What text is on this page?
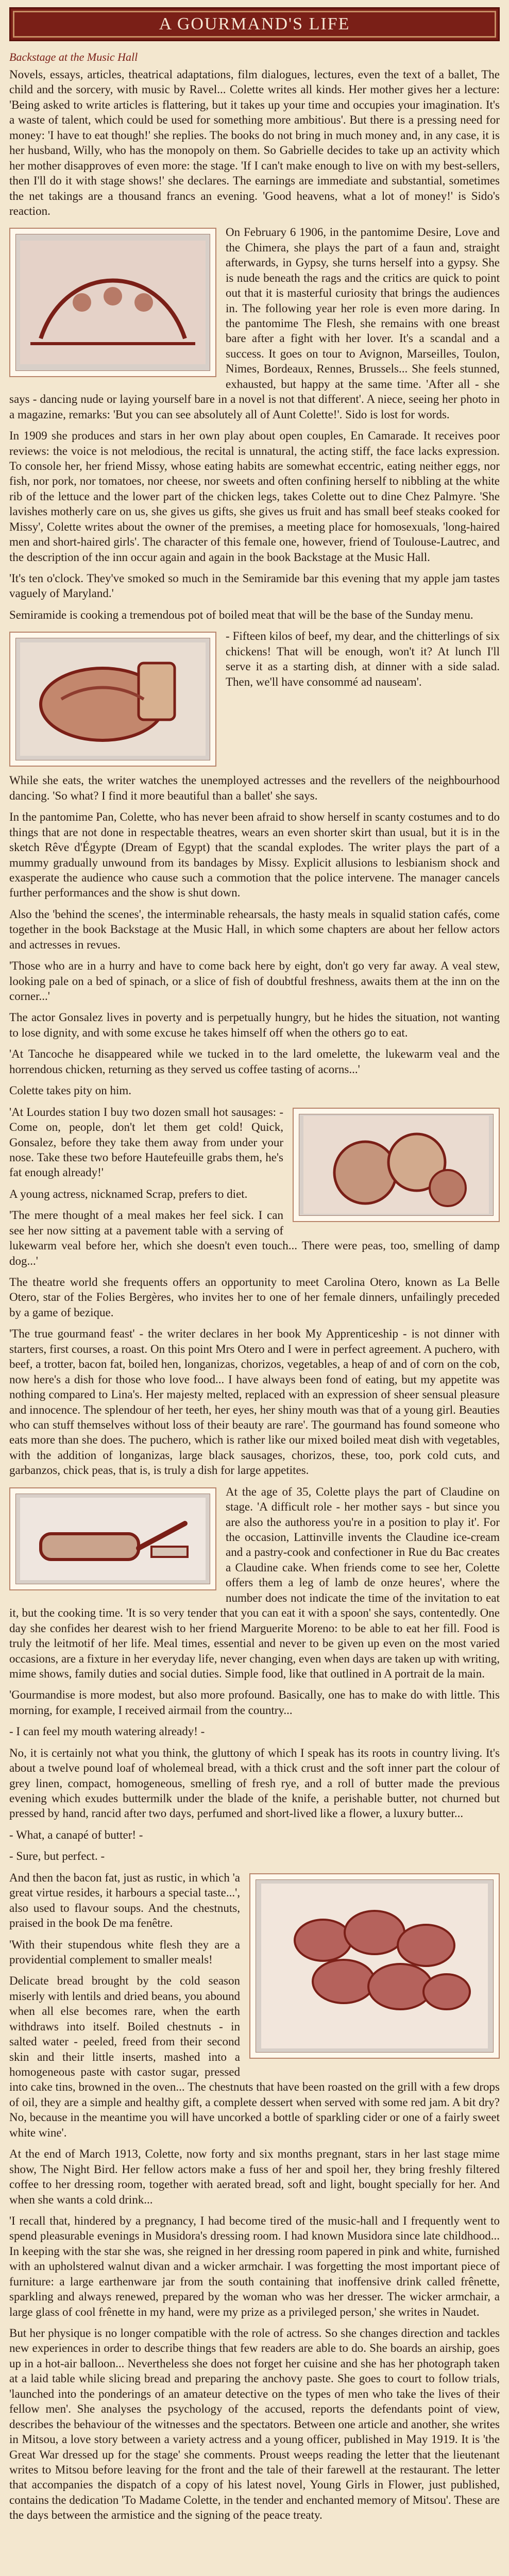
A GOURMAND'S LIFE
Backstage at the Music Hall

Novels, essays, articles, theatrical adaptations, film dialogues, lectures, even the text of a ballet, The child and the sorcery, with music by Ravel... Colette writes all kinds. Her mother gives her a lecture: 'Being asked to write articles is flattering, but it takes up your time and occupies your imagination. It's a waste of talent, which could be used for something more ambitious'. But there is a pressing need for money: 'I have to eat though!' she replies. The books do not bring in much money and, in any case, it is her husband, Willy, who has the monopoly on them. So Gabrielle decides to take up an activity which her mother disapproves of even more: the stage. 'If I can't make enough to live on with my best-sellers, then I'll do it with stage shows!' she declares. The earnings are immediate and substantial, sometimes the net takings are a thousand francs an evening. 'Good heavens, what a lot of money!' is Sido's reaction.

On February 6 1906, in the pantomime Desire, Love and the Chimera, she plays the part of a faun and, straight afterwards, in Gypsy, she turns herself into a gypsy. She is nude beneath the rags and the critics are quick to point out that it is masterful curiosity that brings the audiences in. The following year her role is even more daring. In the pantomime The Flesh, she remains with one breast bare after a fight with her lover. It's a scandal and a success. It goes on tour to Avignon, Marseilles, Toulon, Nimes, Bordeaux, Rennes, Brussels... She feels stunned, exhausted, but happy at the same time. 'After all - she says - dancing nude or laying yourself bare in a novel is not that different'. A niece, seeing her photo in a magazine, remarks: 'But you can see absolutely all of Aunt Colette!'. Sido is lost for words.

In 1909 she produces and stars in her own play about open couples, En Camarade. It receives poor reviews: the voice is not melodious, the recital is unnatural, the acting stiff, the face lacks expression. To console her, her friend Missy, whose eating habits are somewhat eccentric, eating neither eggs, nor fish, nor pork, nor tomatoes, nor cheese, nor sweets and often confining herself to nibbling at the white rib of the lettuce and the lower part of the chicken legs, takes Colette out to dine Chez Palmyre. 'She lavishes motherly care on us, she gives us gifts, she gives us fruit and has small beef steaks cooked for Missy', Colette writes about the owner of the premises, a meeting place for homosexuals, 'long-haired men and short-haired girls'. The character of this female one, however, friend of Toulouse-Lautrec, and the description of the inn occur again and again in the book Backstage at the Music Hall.

'It's ten o'clock. They've smoked so much in the Semiramide bar this evening that my apple jam tastes vaguely of Maryland.'

Semiramide is cooking a tremendous pot of boiled meat that will be the base of the Sunday menu.

- Fifteen kilos of beef, my dear, and the chitterlings of six chickens! That will be enough, won't it? At lunch I'll serve it as a starting dish, at dinner with a side salad. Then, we'll have consommé ad nauseam'.

While she eats, the writer watches the unemployed actresses and the revellers of the neighbourhood dancing. 'So what? I find it more beautiful than a ballet' she says.

In the pantomime Pan, Colette, who has never been afraid to show herself in scanty costumes and to do things that are not done in respectable theatres, wears an even shorter skirt than usual, but it is in the sketch Rêve d'Égypte (Dream of Egypt) that the scandal explodes. The writer plays the part of a mummy gradually unwound from its bandages by Missy. Explicit allusions to lesbianism shock and exasperate the audience who cause such a commotion that the police intervene. The manager cancels further performances and the show is shut down.

Also the 'behind the scenes', the interminable rehearsals, the hasty meals in squalid station cafés, come together in the book Backstage at the Music Hall, in which some chapters are about her fellow actors and actresses in revues.

'Those who are in a hurry and have to come back here by eight, don't go very far away. A veal stew, looking pale on a bed of spinach, or a slice of fish of doubtful freshness, awaits them at the inn on the corner...'

The actor Gonsalez lives in poverty and is perpetually hungry, but he hides the situation, not wanting to lose dignity, and with some excuse he takes himself off when the others go to eat.

'At Tancoche he disappeared while we tucked in to the lard omelette, the lukewarm veal and the horrendous chicken, returning as they served us coffee tasting of acorns...'

Colette takes pity on him.

'At Lourdes station I buy two dozen small hot sausages: - Come on, people, don't let them get cold! Quick, Gonsalez, before they take them away from under your nose. Take these two before Hautefeuille grabs them, he's fat enough already!'

A young actress, nicknamed Scrap, prefers to diet.

'The mere thought of a meal makes her feel sick. I can see her now sitting at a pavement table with a serving of lukewarm veal before her, which she doesn't even touch... There were peas, too, smelling of damp dog...'

The theatre world she frequents offers an opportunity to meet Carolina Otero, known as La Belle Otero, star of the Folies Bergères, who invites her to one of her female dinners, unfailingly preceded by a game of bezique.

'The true gourmand feast' - the writer declares in her book My Apprenticeship - is not dinner with starters, first courses, a roast. On this point Mrs Otero and I were in perfect agreement. A puchero, with beef, a trotter, bacon fat, boiled hen, longanizas, chorizos, vegetables, a heap of and of corn on the cob, now here's a dish for those who love food... I have always been fond of eating, but my appetite was nothing compared to Lina's. Her majesty melted, replaced with an expression of sheer sensual pleasure and innocence. The splendour of her teeth, her eyes, her shiny mouth was that of a young girl. Beauties who can stuff themselves without loss of their beauty are rare'. The gourmand has found someone who eats more than she does. The puchero, which is rather like our mixed boiled meat dish with vegetables, with the addition of longanizas, large black sausages, chorizos, these, too, pork cold cuts, and garbanzos, chick peas, that is, is truly a dish for large appetites.

At the age of 35, Colette plays the part of Claudine on stage. 'A difficult role - her mother says - but since you are also the authoress you're in a position to play it'. For the occasion, Lattinville invents the Claudine ice-cream and a pastry-cook and confectioner in Rue du Bac creates a Claudine cake. When friends come to see her, Colette offers them a leg of lamb de onze heures', where the number does not indicate the time of the invitation to eat it, but the cooking time. 'It is so very tender that you can eat it with a spoon' she says, contentedly. One day she confides her dearest wish to her friend Marguerite Moreno: to be able to eat her fill. Food is truly the leitmotif of her life. Meal times, essential and never to be given up even on the most varied occasions, are a fixture in her everyday life, never changing, even when days are taken up with writing, mime shows, family duties and social duties. Simple food, like that outlined in A portrait de la main.

'Gourmandise is more modest, but also more profound. Basically, one has to make do with little. This morning, for example, I received airmail from the country...

- I can feel my mouth watering already! -

No, it is certainly not what you think, the gluttony of which I speak has its roots in country living. It's about a twelve pound loaf of wholemeal bread, with a thick crust and the soft inner part the colour of grey linen, compact, homogeneous, smelling of fresh rye, and a roll of butter made the previous evening which exudes buttermilk under the blade of the knife, a perishable butter, not churned but pressed by hand, rancid after two days, perfumed and short-lived like a flower, a luxury butter...

- What, a canapé of butter! -

- Sure, but perfect. -

And then the bacon fat, just as rustic, in which 'a great virtue resides, it harbours a special taste...', also used to flavour soups. And the chestnuts, praised in the book De ma fenêtre.

'With their stupendous white flesh they are a providential complement to smaller meals!

Delicate bread brought by the cold season miserly with lentils and dried beans, you abound when all else becomes rare, when the earth withdraws into itself. Boiled chestnuts - in salted water - peeled, freed from their second skin and their little inserts, mashed into a homogeneous paste with castor sugar, pressed into cake tins, browned in the oven... The chestnuts that have been roasted on the grill with a few drops of oil, they are a simple and healthy gift, a complete dessert when served with some red jam. A bit dry? No, because in the meantime you will have uncorked a bottle of sparkling cider or one of a fairly sweet white wine'.

At the end of March 1913, Colette, now forty and six months pregnant, stars in her last stage mime show, The Night Bird. Her fellow actors make a fuss of her and spoil her, they bring freshly filtered coffee to her dressing room, together with aerated bread, soft and light, bought specially for her. And when she wants a cold drink...

'I recall that, hindered by a pregnancy, I had become tired of the music-hall and I frequently went to spend pleasurable evenings in Musidora's dressing room. I had known Musidora since late childhood... In keeping with the star she was, she reigned in her dressing room papered in pink and white, furnished with an upholstered walnut divan and a wicker armchair. I was forgetting the most important piece of furniture: a large earthenware jar from the south containing that inoffensive drink called frênette, sparkling and always renewed, prepared by the woman who was her dresser. The wicker armchair, a large glass of cool frênette in my hand, were my prize as a privileged person,' she writes in Naudet.

But her physique is no longer compatible with the role of actress. So she changes direction and tackles new experiences in order to describe things that few readers are able to do. She boards an airship, goes up in a hot-air balloon... Nevertheless she does not forget her cuisine and she has her photograph taken at a laid table while slicing bread and preparing the anchovy paste. She goes to court to follow trials, 'launched into the ponderings of an amateur detective on the types of men who take the lives of their fellow men'. She analyses the psychology of the accused, reports the defendants point of view, describes the behaviour of the witnesses and the spectators. Between one article and another, she writes in Mitsou, a love story between a variety actress and a young officer, published in May 1919. It is 'the Great War dressed up for the stage' she comments. Proust weeps reading the letter that the lieutenant writes to Mitsou before leaving for the front and the tale of their farewell at the restaurant. The letter that accompanies the dispatch of a copy of his latest novel, Young Girls in Flower, just published, contains the dedication 'To Madame Colette, in the tender and enchanted memory of Mitsou'. These are the days between the armistice and the signing of the peace treaty.
